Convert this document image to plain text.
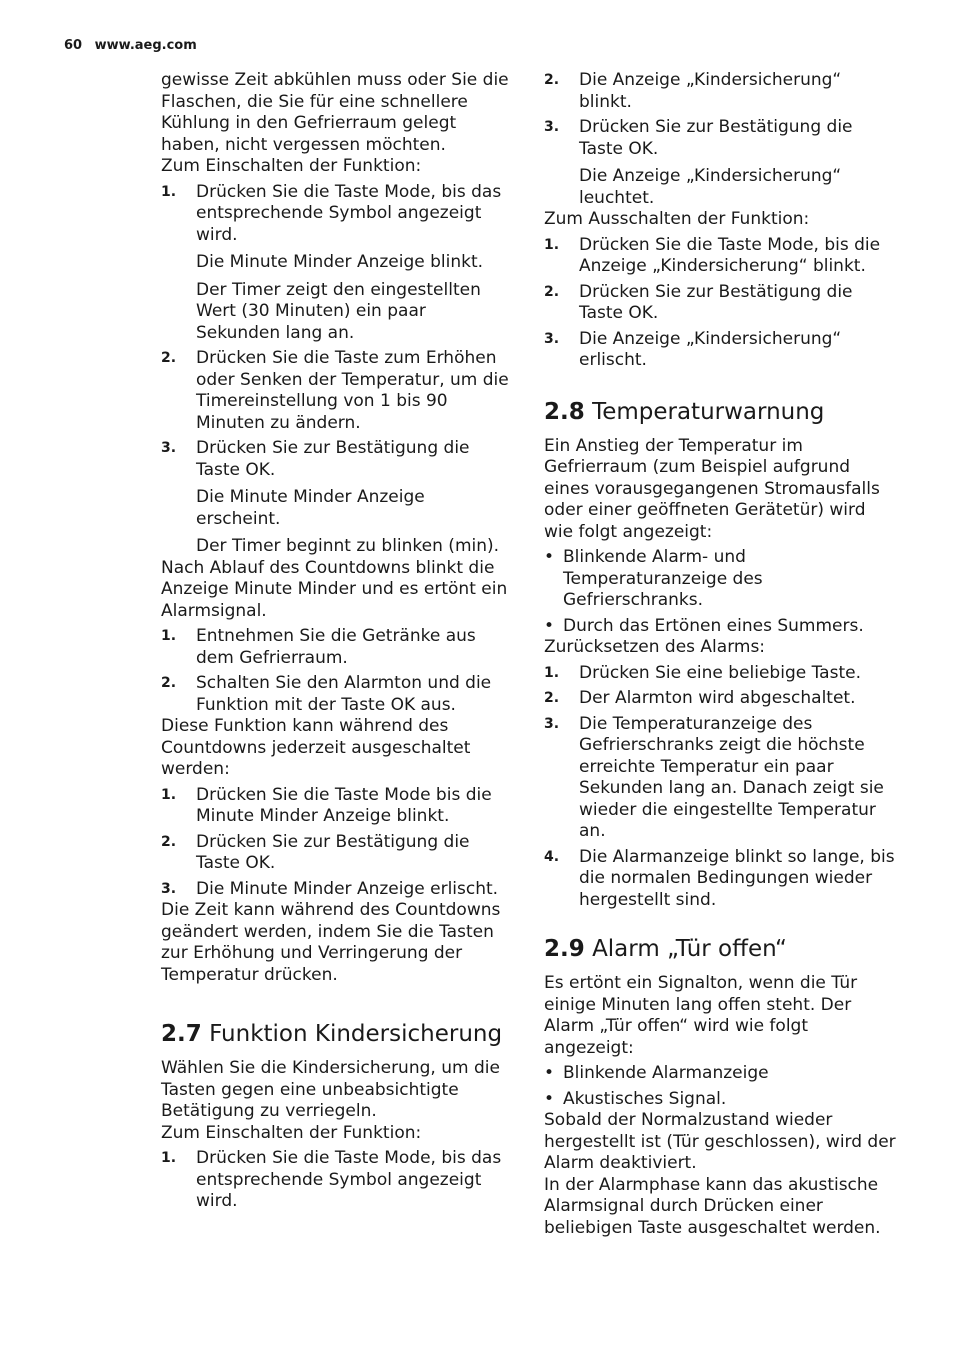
60 www.aeg.com

gewisse Zeit abkühlen muss oder Sie die Flaschen, die Sie für eine schnellere Kühlung in den Gefrierraum gelegt haben, nicht vergessen möchten.

Zum Einschalten der Funktion:

1. Drücken Sie die Taste Mode, bis das entsprechende Symbol angezeigt wird.

Die Minute Minder Anzeige blinkt.

Der Timer zeigt den eingestellten Wert (30 Minuten) ein paar Sekunden lang an.

2. Drücken Sie die Taste zum Erhöhen oder Senken der Temperatur, um die Timereinstellung von 1 bis 90 Minuten zu ändern.

3. Drücken Sie zur Bestätigung die Taste OK.

Die Minute Minder Anzeige erscheint.

Der Timer beginnt zu blinken (min).

Nach Ablauf des Countdowns blinkt die Anzeige Minute Minder und es ertönt ein Alarmsignal.

1. Entnehmen Sie die Getränke aus dem Gefrierraum.

2. Schalten Sie den Alarmton und die Funktion mit der Taste OK aus.

Diese Funktion kann während des Countdowns jederzeit ausgeschaltet werden:

1. Drücken Sie die Taste Mode bis die Minute Minder Anzeige blinkt.

2. Drücken Sie zur Bestätigung die Taste OK.

3. Die Minute Minder Anzeige erlischt.

Die Zeit kann während des Countdowns geändert werden, indem Sie die Tasten zur Erhöhung und Verringerung der Temperatur drücken.

2.7 Funktion Kindersicherung

Wählen Sie die Kindersicherung, um die Tasten gegen eine unbeabsichtigte Betätigung zu verriegeln.

Zum Einschalten der Funktion:

1. Drücken Sie die Taste Mode, bis das entsprechende Symbol angezeigt wird.

2. Die Anzeige „Kindersicherung“ blinkt.

3. Drücken Sie zur Bestätigung die Taste OK.

Die Anzeige „Kindersicherung“ leuchtet.

Zum Ausschalten der Funktion:

1. Drücken Sie die Taste Mode, bis die Anzeige „Kindersicherung“ blinkt.

2. Drücken Sie zur Bestätigung die Taste OK.

3. Die Anzeige „Kindersicherung“ erlischt.

2.8 Temperaturwarnung

Ein Anstieg der Temperatur im Gefrierraum (zum Beispiel aufgrund eines vorausgegangenen Stromausfalls oder einer geöffneten Gerätetür) wird wie folgt angezeigt:

• Blinkende Alarm- und Temperaturanzeige des Gefrierschranks.

• Durch das Ertönen eines Summers.

Zurücksetzen des Alarms:

1. Drücken Sie eine beliebige Taste.

2. Der Alarmton wird abgeschaltet.

3. Die Temperaturanzeige des Gefrierschranks zeigt die höchste erreichte Temperatur ein paar Sekunden lang an. Danach zeigt sie wieder die eingestellte Temperatur an.

4. Die Alarmanzeige blinkt so lange, bis die normalen Bedingungen wieder hergestellt sind.

2.9 Alarm „Tür offen“

Es ertönt ein Signalton, wenn die Tür einige Minuten lang offen steht. Der Alarm „Tür offen“ wird wie folgt angezeigt:

• Blinkende Alarmanzeige

• Akustisches Signal.

Sobald der Normalzustand wieder hergestellt ist (Tür geschlossen), wird der Alarm deaktiviert.

In der Alarmphase kann das akustische Alarmsignal durch Drücken einer beliebigen Taste ausgeschaltet werden.
